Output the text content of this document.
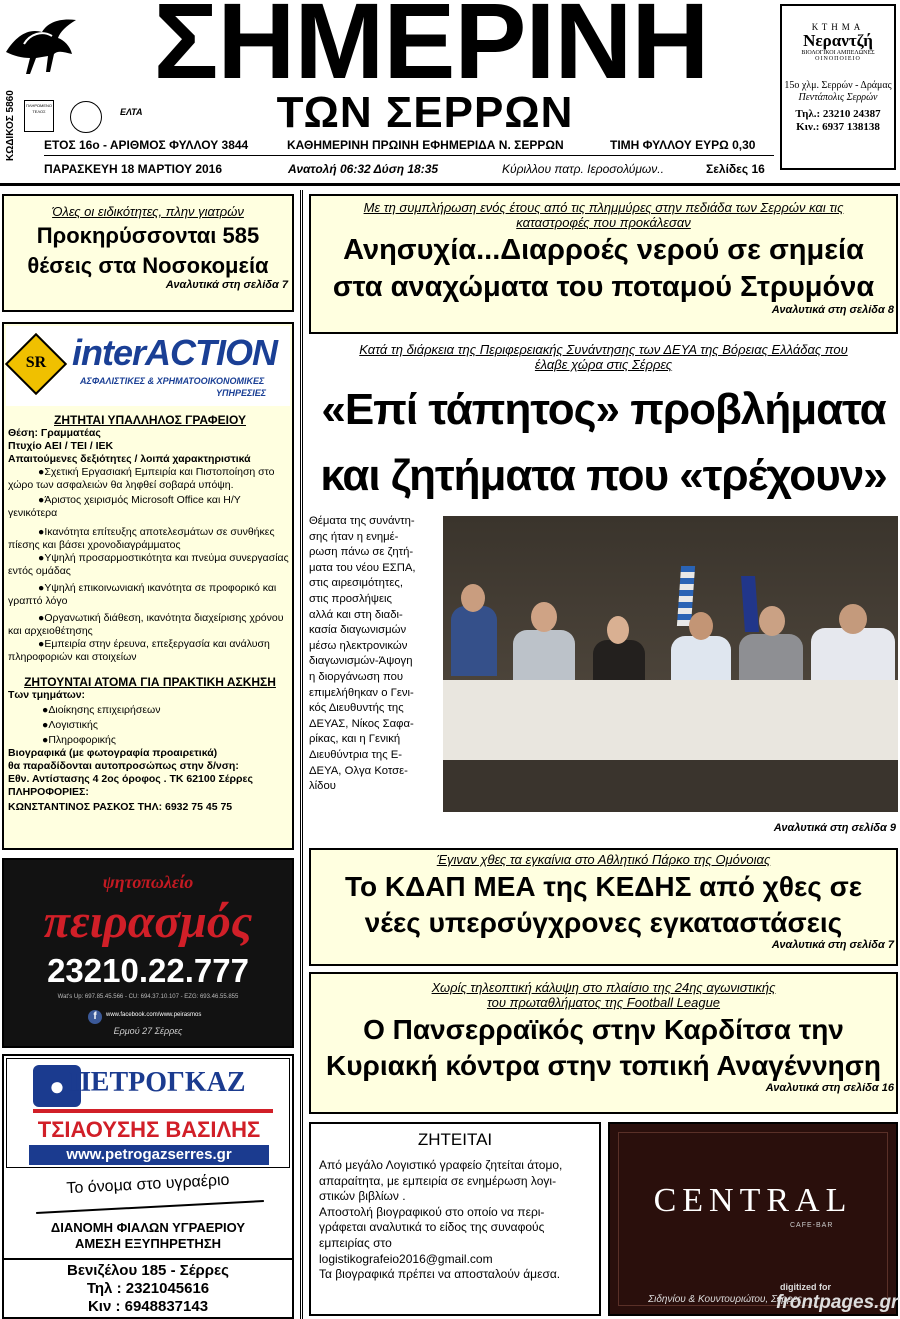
ΣΗΜΕΡΙΝΗ
ΤΩΝ ΣΕΡΡΩΝ
ΚΩΔΙΚΟΣ 5860	ΠΛΗΡΩΜΕΝΟ ΤΕΛΟΣ	ΕΛΤΑ
ΕΤΟΣ 16ο - ΑΡΙΘΜΟΣ ΦΥΛΛΟΥ 3844	ΚΑΘΗΜΕΡΙΝΗ ΠΡΩΙΝΗ ΕΦΗΜΕΡΙΔΑ Ν. ΣΕΡΡΩΝ	ΤΙΜΗ ΦΥΛΛΟΥ ΕΥΡΩ 0,30
ΠΑΡΑΣΚΕΥΗ 18 ΜΑΡΤΙΟΥ 2016	Ανατολή 06:32 Δύση 18:35	Κύριλλου πατρ. Ιεροσολύμων..	Σελίδες 16
ΚΤΗΜΑ
Νεραντζή
ΒΙΟΛΟΓΙΚΟΙ ΑΜΠΕΛΩΝΕΣ
ΟΙΝΟΠΟΙΕΙΟ
15ο χλμ. Σερρών - Δράμας
Πεντάπολις Σερρών
Τηλ.: 23210 24387
Κιν.: 6937 138138
Όλες οι ειδικότητες, πλην γιατρών
Προκηρύσσονται 585
θέσεις στα Νοσοκομεία
Αναλυτικά στη σελίδα 7
SR interACTION
ΑΣΦΑΛΙΣΤΙΚΕΣ & ΧΡΗΜΑΤΟΟΙΚΟΝΟΜΙΚΕΣ
ΥΠΗΡΕΣΙΕΣ
ΖΗΤΗΤΑΙ ΥΠΑΛΛΗΛΟΣ ΓΡΑΦΕΙΟΥ
Θέση: Γραμματέας
Πτυχίο ΑΕΙ / ΤΕΙ / ΙΕΚ
Απαιτούμενες δεξιότητες / λοιπά χαρακτηριστικά
●Σχετική Εργασιακή Εμπειρία και Πιστοποίηση στο χώρο των ασφαλειών θα ληφθεί σοβαρά υπόψη.
●Άριστος χειρισμός Microsoft Office και Η/Υ γενικότερα
●Ικανότητα επίτευξης αποτελεσμάτων σε συνθήκες πίεσης και βάσει χρονοδιαγράμματος
●Υψηλή προσαρμοστικότητα και πνεύμα συνεργασίας εντός ομάδας
●Υψηλή επικοινωνιακή ικανότητα σε προφορικό και γραπτό λόγο
●Οργανωτική διάθεση, ικανότητα διαχείρισης χρόνου και αρχειοθέτησης
●Εμπειρία στην έρευνα, επεξεργασία και ανάλυση πληροφοριών και στοιχείων
ΖΗΤΟΥΝΤΑΙ ΑΤΟΜΑ ΓΙΑ ΠΡΑΚΤΙΚΗ ΑΣΚΗΣΗ
Των τμημάτων:
●Διοίκησης επιχειρήσεων
●Λογιστικής
●Πληροφορικής
Βιογραφικά (με φωτογραφία προαιρετικά)
θα παραδίδονται αυτοπροσώπως στην δ/νση:
Εθν. Αντίστασης 4 2ος όροφος . ΤΚ 62100 Σέρρες
ΠΛΗΡΟΦΟΡΙΕΣ:
ΚΩΝΣΤΑΝΤΙΝΟΣ ΡΑΣΚΟΣ ΤΗΛ: 6932 75 45 75
ψητοπωλείο
πειρασμός
23210.22.777
Wat's Up: 697.85.45.566 - CU: 694.37.10.107 - EZG: 693.46.55.855
f	www.facebook.com/www.peirasmos
Ερμού 27 Σέρρες
● ΠΕΤΡΟΓΚΑΖ
ΤΣΙΑΟΥΣΗΣ ΒΑΣΙΛΗΣ
www.petrogazserres.gr
Το όνομα στο υγραέριο
ΔΙΑΝΟΜΗ ΦΙΑΛΩΝ ΥΓΡΑΕΡΙΟΥ
ΑΜΕΣΗ ΕΞΥΠΗΡΕΤΗΣΗ
Βενιζέλου 185 - Σέρρες
Τηλ : 2321045616
Κιν : 6948837143
Με τη συμπλήρωση ενός έτους από τις πλημμύρες στην πεδιάδα των Σερρών και τις
καταστροφές που προκάλεσαν
Ανησυχία...Διαρροές νερού σε σημεία
στα αναχώματα του ποταμού Στρυμόνα
Αναλυτικά στη σελίδα 8
Κατά τη διάρκεια της Περιφερειακής Συνάντησης των ΔΕΥΑ της Βόρειας Ελλάδας που
έλαβε χώρα στις Σέρρες
«Επί τάπητος» προβλήματα
και ζητήματα που «τρέχουν»
Θέματα της συνάντη-
σης ήταν η ενημέ-
ρωση πάνω σε ζητή-
ματα του νέου ΕΣΠΑ,
στις αιρεσιμότητες,
στις προσλήψεις
αλλά και στη διαδι-
κασία διαγωνισμών
μέσω ηλεκτρονικών
διαγωνισμών-Άψογη
η διοργάνωση που
επιμελήθηκαν ο Γενι-
κός Διευθυντής της
ΔΕΥΑΣ, Νίκος Σαφα-
ρίκας, και η Γενική
Διευθύντρια της Ε-
ΔΕΥΑ, Ολγα Κοτσε-
λίδου
Αναλυτικά στη σελίδα 9
Έγιναν χθες τα εγκαίνια στο Αθλητικό Πάρκο της Ομόνοιας
Το ΚΔΑΠ ΜΕΑ της ΚΕΔΗΣ από χθες σε
νέες υπερσύγχρονες εγκαταστάσεις
Αναλυτικά στη σελίδα 7
Χωρίς τηλεοπτική κάλυψη στο πλαίσιο της 24ης αγωνιστικής
του πρωταθλήματος της Football League
Ο Πανσερραϊκός στην Καρδίτσα την
Κυριακή κόντρα στην τοπική Αναγέννηση
Αναλυτικά στη σελίδα 16
ΖΗΤΕΙΤΑΙ
Από μεγάλο Λογιστικό γραφείο ζητείται άτομο,
απαραίτητα, με εμπειρία σε ενημέρωση λογι-
στικών βιβλίων .
Αποστολή βιογραφικού στο οποίο να περι-
γράφεται αναλυτικά το είδος της συναφούς
εμπειρίας στο
logistikografeio2016@gmail.com
Τα βιογραφικά πρέπει να αποσταλούν άμεσα.
CENTRAL
CAFE-BAR
Σιδηνίου & Κουντουριώτου, Σέρρες
digitized for
frontpages.gr
